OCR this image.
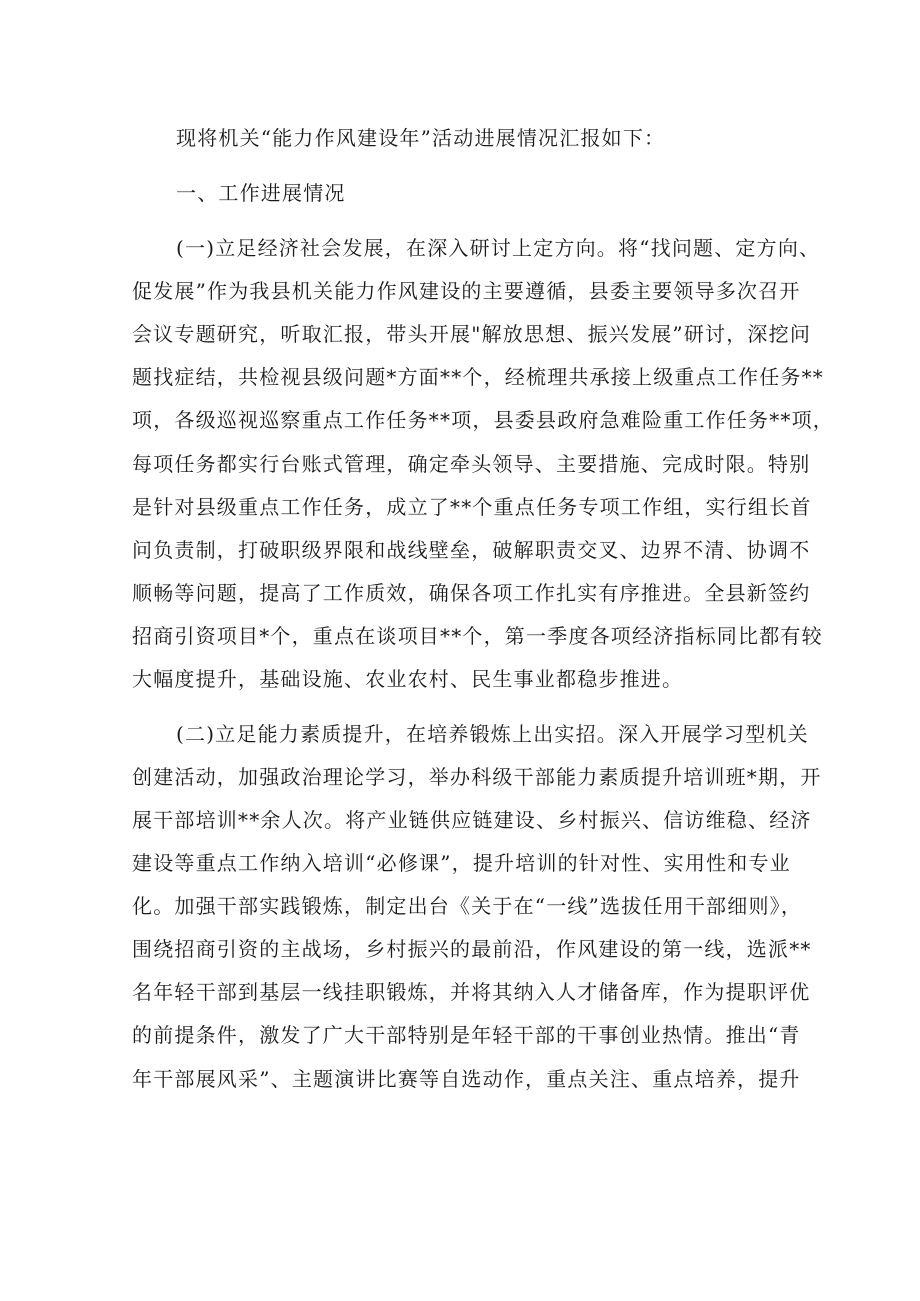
现将机关“能力作风建设年”活动进展情况汇报如下：
一、工作进展情况
(一)立足经济社会发展，在深入研讨上定方向。将“找问题、定方向、
促发展”作为我县机关能力作风建设的主要遵循，县委主要领导多次召开
会议专题研究，听取汇报，带头开展"解放思想、振兴发展”研讨，深挖问
题找症结，共检视县级问题*方面**个，经梳理共承接上级重点工作任务**
项，各级巡视巡察重点工作任务**项，县委县政府急难险重工作任务**项，
每项任务都实行台账式管理，确定牵头领导、主要措施、完成时限。特别
是针对县级重点工作任务，成立了**个重点任务专项工作组，实行组长首
问负责制，打破职级界限和战线壁垒，破解职责交叉、边界不清、协调不
顺畅等问题，提高了工作质效，确保各项工作扎实有序推进。全县新签约
招商引资项目*个，重点在谈项目**个，第一季度各项经济指标同比都有较
大幅度提升，基础设施、农业农村、民生事业都稳步推进。
(二)立足能力素质提升，在培养锻炼上出实招。深入开展学习型机关
创建活动，加强政治理论学习，举办科级干部能力素质提升培训班*期，开
展干部培训**余人次。将产业链供应链建设、乡村振兴、信访维稳、经济
建设等重点工作纳入培训“必修课”，提升培训的针对性、实用性和专业
化。加强干部实践锻炼，制定出台《关于在“一线”选拔任用干部细则》，
围绕招商引资的主战场，乡村振兴的最前沿，作风建设的第一线，选派**
名年轻干部到基层一线挂职锻炼，并将其纳入人才储备库，作为提职评优
的前提条件，激发了广大干部特别是年轻干部的干事创业热情。推出“青
年干部展风采”、主题演讲比赛等自选动作，重点关注、重点培养，提升
